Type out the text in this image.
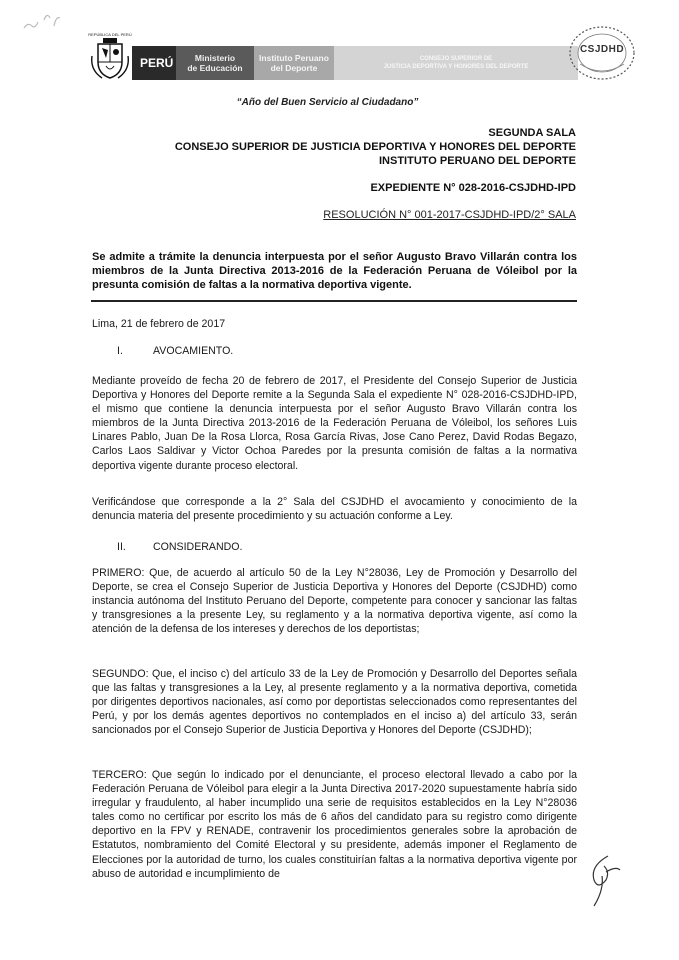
REPÚBLICA DEL PERÚ
PERÚ	Ministerio
de Educación
Instituto Peruano
del Deporte
CONSEJO SUPERIOR DE
JUSTICIA DEPORTIVA Y HONORES DEL DEPORTE
CSJDHD
“Año del Buen Servicio al Ciudadano”
SEGUNDA SALA
CONSEJO SUPERIOR DE JUSTICIA DEPORTIVA Y HONORES DEL DEPORTE
INSTITUTO PERUANO DEL DEPORTE
EXPEDIENTE N° 028-2016-CSJDHD-IPD
RESOLUCIÓN N° 001-2017-CSJDHD-IPD/2° SALA
Se admite a trámite la denuncia interpuesta por el señor Augusto Bravo Villarán contra los miembros de la Junta Directiva 2013-2016 de la Federación Peruana de Vóleibol por la presunta comisión de faltas a la normativa deportiva vigente.
Lima, 21 de febrero de 2017
I.	AVOCAMIENTO.
Mediante proveído de fecha 20 de febrero de 2017, el Presidente del Consejo Superior de Justicia Deportiva y Honores del Deporte remite a la Segunda Sala el expediente N° 028-2016-CSJDHD-IPD, el mismo que contiene la denuncia interpuesta por el señor Augusto Bravo Villarán contra los miembros de la Junta Directiva 2013-2016 de la Federación Peruana de Vóleibol, los señores Luis Linares Pablo, Juan De la Rosa Llorca, Rosa García Rivas, Jose Cano Perez, David Rodas Begazo, Carlos Laos Saldivar y Victor Ochoa Paredes por la presunta comisión de faltas a la normativa deportiva vigente durante proceso electoral.
Verificándose que corresponde a la 2° Sala del CSJDHD el avocamiento y conocimiento de la denuncia materia del presente procedimiento y su actuación conforme a Ley.
II.	CONSIDERANDO.
PRIMERO: Que, de acuerdo al artículo 50 de la Ley N°28036, Ley de Promoción y Desarrollo del Deporte, se crea el Consejo Superior de Justicia Deportiva y Honores del Deporte (CSJDHD) como instancia autónoma del Instituto Peruano del Deporte, competente para conocer y sancionar las faltas y transgresiones a la presente Ley, su reglamento y a la normativa deportiva vigente, así como la atención de la defensa de los intereses y derechos de los deportistas;
SEGUNDO: Que, el inciso c) del artículo 33 de la Ley de Promoción y Desarrollo del Deportes señala que las faltas y transgresiones a la Ley, al presente reglamento y a la normativa deportiva, cometida por dirigentes deportivos nacionales, así como por deportistas seleccionados como representantes del Perú, y por los demás agentes deportivos no contemplados en el inciso a) del artículo 33, serán sancionados por el Consejo Superior de Justicia Deportiva y Honores del Deporte (CSJDHD);
TERCERO: Que según lo indicado por el denunciante, el proceso electoral llevado a cabo por la Federación Peruana de Vóleibol para elegir a la Junta Directiva 2017-2020 supuestamente habría sido irregular y fraudulento, al haber incumplido una serie de requisitos establecidos en la Ley N°28036 tales como no certificar por escrito los más de 6 años del candidato para su registro como dirigente deportivo en la FPV y RENADE, contravenir los procedimientos generales sobre la aprobación de Estatutos, nombramiento del Comité Electoral y su presidente, además imponer el Reglamento de Elecciones por la autoridad de turno, los cuales constituirían faltas a la normativa deportiva vigente por abuso de autoridad e incumplimiento de
